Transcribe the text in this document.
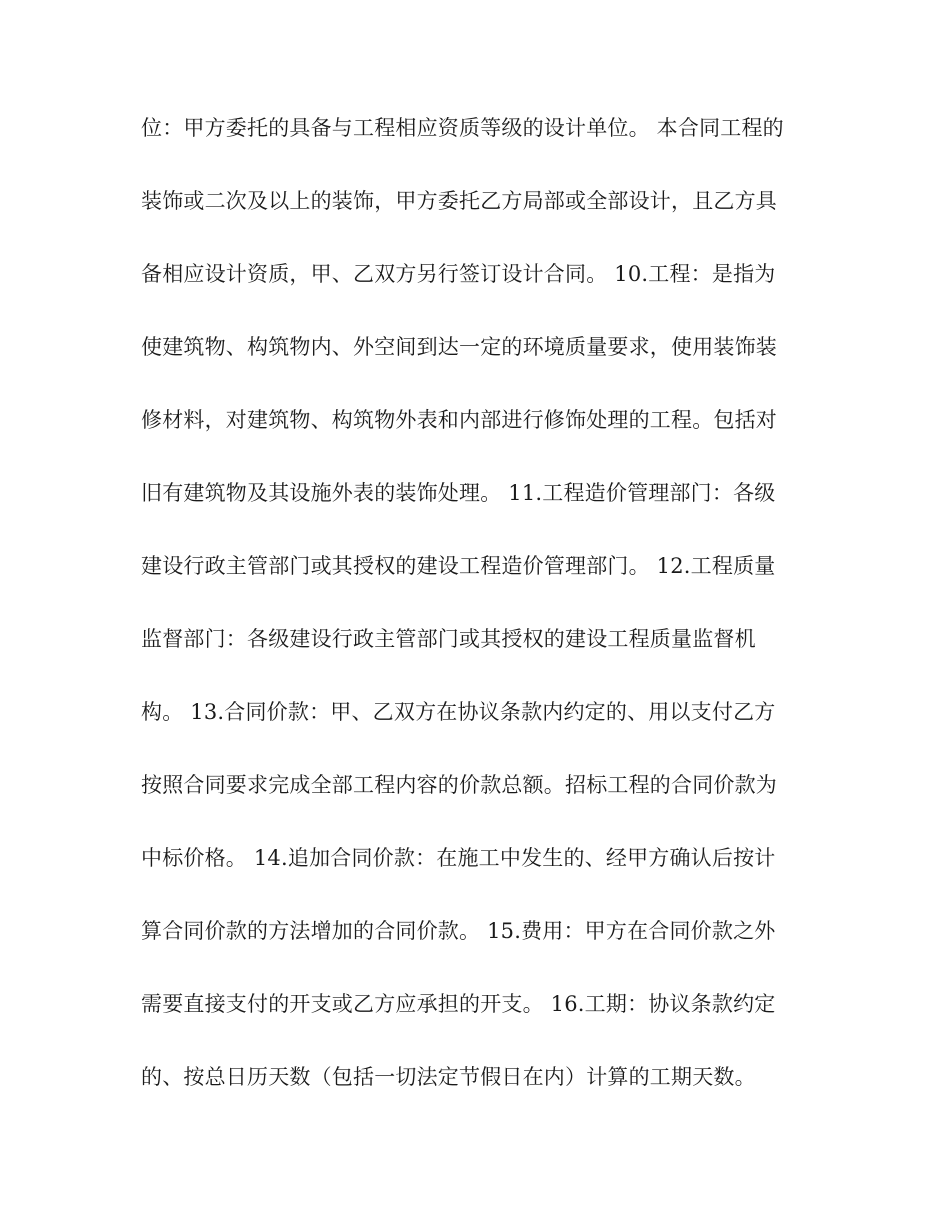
位：甲方委托的具备与工程相应资质等级的设计单位。 本合同工程的

装饰或二次及以上的装饰，甲方委托乙方局部或全部设计，且乙方具

备相应设计资质，甲、乙双方另行签订设计合同。 10.工程：是指为

使建筑物、构筑物内、外空间到达一定的环境质量要求，使用装饰装

修材料，对建筑物、构筑物外表和内部进行修饰处理的工程。包括对

旧有建筑物及其设施外表的装饰处理。 11.工程造价管理部门：各级

建设行政主管部门或其授权的建设工程造价管理部门。 12.工程质量

监督部门：各级建设行政主管部门或其授权的建设工程质量监督机

构。 13.合同价款：甲、乙双方在协议条款内约定的、用以支付乙方

按照合同要求完成全部工程内容的价款总额。招标工程的合同价款为

中标价格。 14.追加合同价款：在施工中发生的、经甲方确认后按计

算合同价款的方法增加的合同价款。 15.费用：甲方在合同价款之外

需要直接支付的开支或乙方应承担的开支。 16.工期：协议条款约定

的、按总日历天数（包括一切法定节假日在内）计算的工期天数。
